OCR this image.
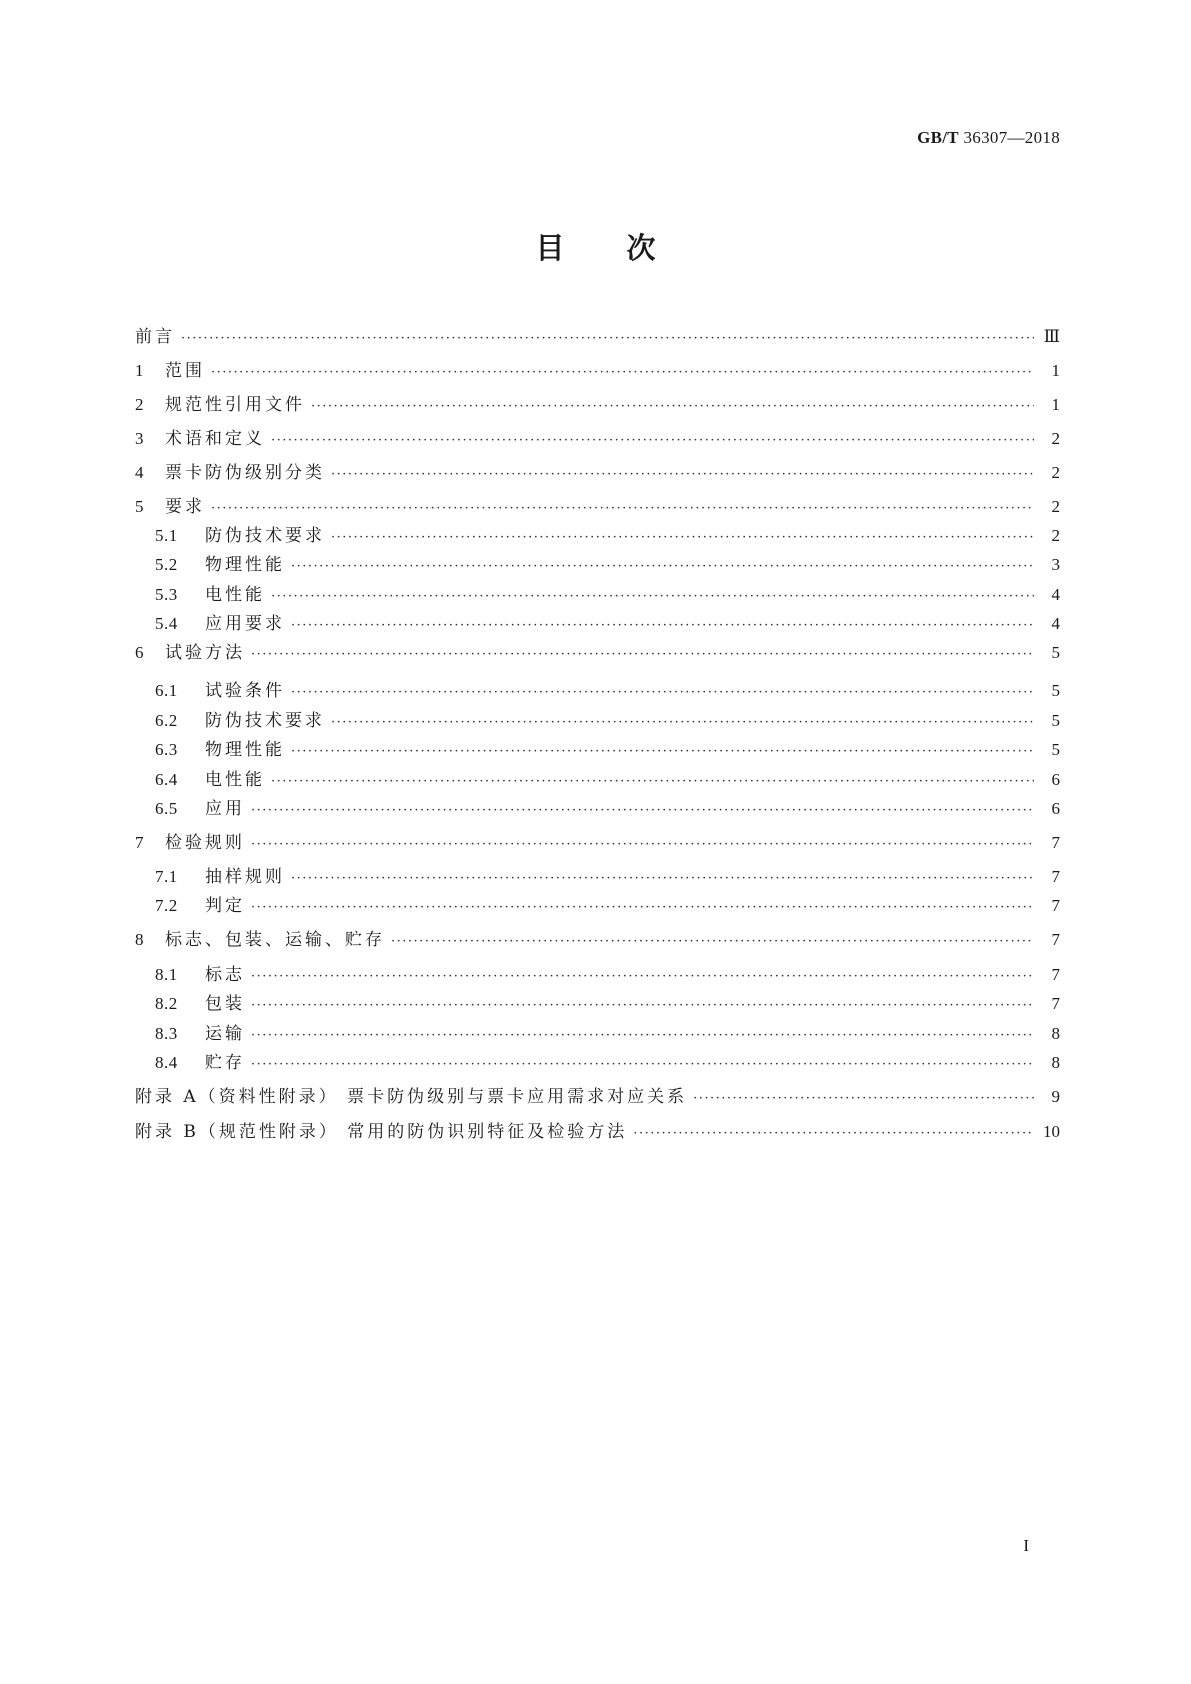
GB/T 36307—2018
目次
前言 ·····	Ⅲ
1	范围 ·····	1
2	规范性引用文件 ·····	1
3	术语和定义 ·····	2
4	票卡防伪级别分类 ·····	2
5	要求 ·····	2
5.1	防伪技术要求 ·····	2
5.2	物理性能 ·····	3
5.3	电性能 ·····	4
5.4	应用要求 ·····	4
6	试验方法 ·····	5
6.1	试验条件 ·····	5
6.2	防伪技术要求 ·····	5
6.3	物理性能 ·····	5
6.4	电性能 ·····	6
6.5	应用 ·····	6
7	检验规则 ·····	7
7.1	抽样规则 ·····	7
7.2	判定 ·····	7
8	标志、包装、运输、贮存 ·····	7
8.1	标志 ·····	7
8.2	包装 ·····	7
8.3	运输 ·····	8
8.4	贮存 ·····	8
附录 A（资料性附录） 票卡防伪级别与票卡应用需求对应关系 ·····	9
附录 B（规范性附录） 常用的防伪识别特征及检验方法 ·····	10
I
